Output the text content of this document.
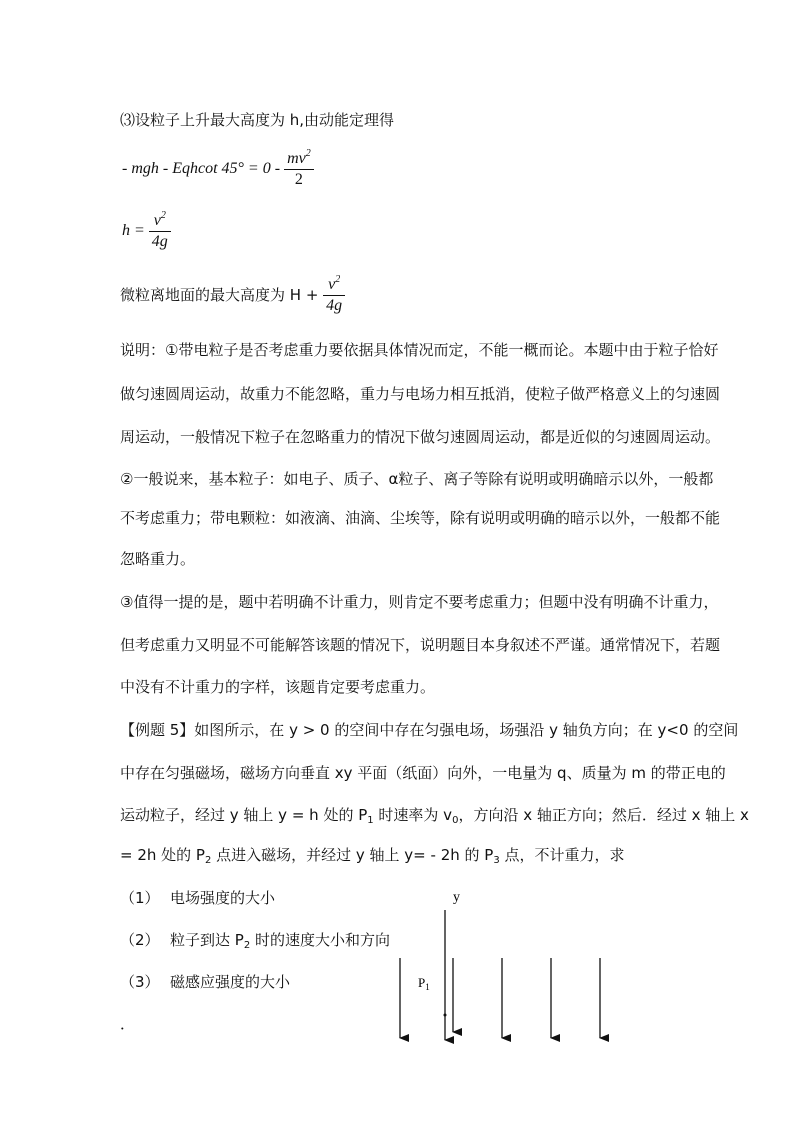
⑶设粒子上升最大高度为 h,由动能定理得
- mgh - Eqhcot $45^\circ = 0 - \frac{mv^2}{2}$
$h = \frac{v^2}{4g}$
微粒离地面的最大高度为 $H + \frac{v^2}{4g}$
说明：①带电粒子是否考虑重力要依据具体情况而定，不能一概而论。本题中由于粒子恰好
做匀速圆周运动，故重力不能忽略，重力与电场力相互抵消，使粒子做严格意义上的匀速圆
周运动，一般情况下粒子在忽略重力的情况下做匀速圆周运动，都是近似的匀速圆周运动。
②一般说来，基本粒子：如电子、质子、α粒子、离子等除有说明或明确暗示以外，一般都
不考虑重力；带电颗粒：如液滴、油滴、尘埃等，除有说明或明确的暗示以外，一般都不能
忽略重力。
③值得一提的是，题中若明确不计重力，则肯定不要考虑重力；但题中没有明确不计重力，
但考虑重力又明显不可能解答该题的情况下，说明题目本身叙述不严谨。通常情况下，若题
中没有不计重力的字样，该题肯定要考虑重力。
【例题 5】如图所示，在 y > 0 的空间中存在匀强电场，场强沿 y 轴负方向；在 y<0 的空间
中存在匀强磁场，磁场方向垂直 xy 平面（纸面）向外，一电量为 q、质量为 m 的带正电的
运动粒子，经过 y 轴上 y = h 处的 $P_1$ 时速率为 $v_0$，方向沿 x 轴正方向；然后．经过 x 轴上 x
= 2h 处的 $P_2$ 点进入磁场，并经过 y 轴上 y= - 2h 的 $P_3$ 点，不计重力，求
（1） 电场强度的大小
（2） 粒子到达 $P_2$ 时的速度大小和方向
（3） 磁感应强度的大小
．
y
$P_1$
